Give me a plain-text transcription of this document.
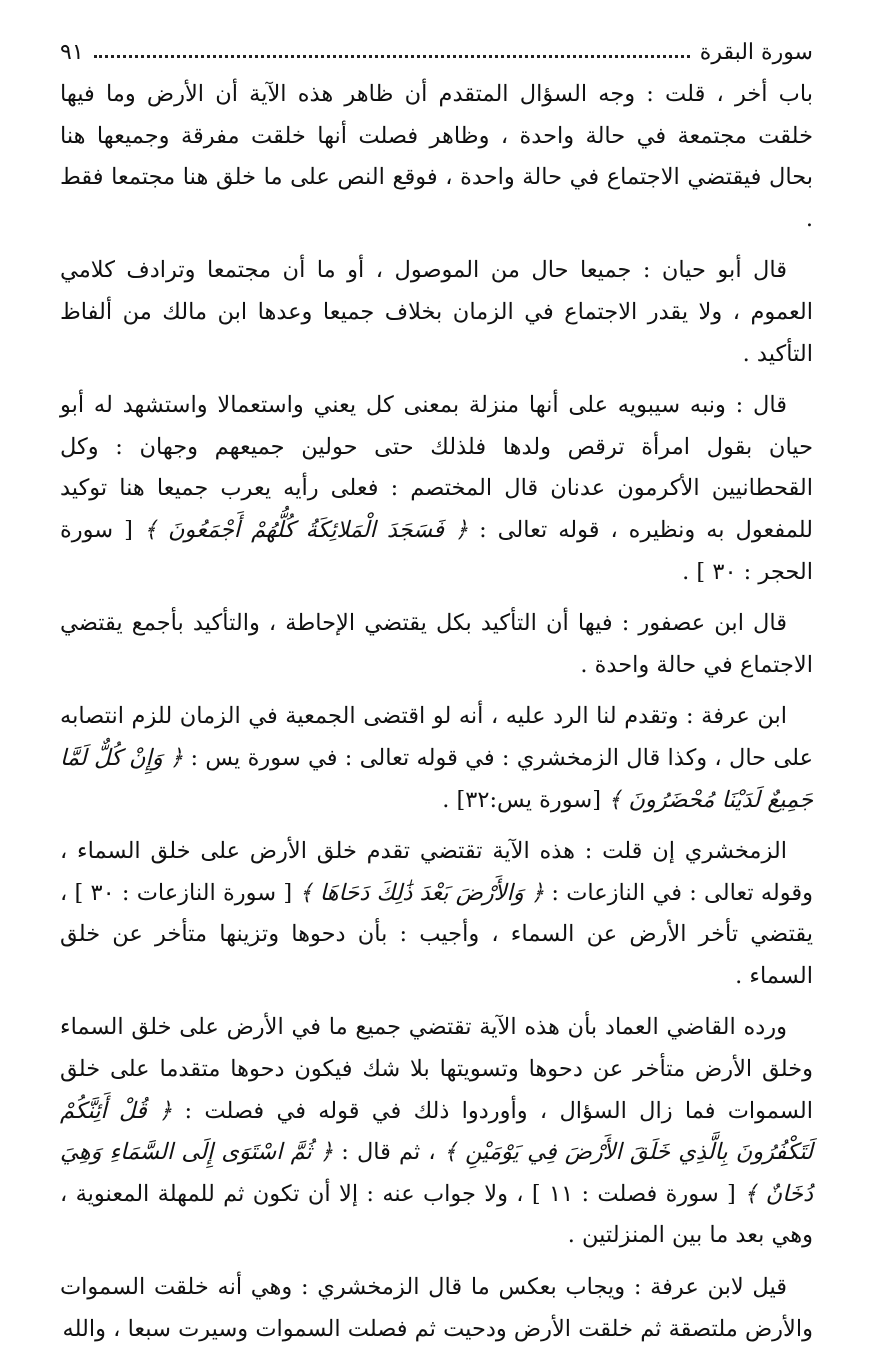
سورة البقرة
٩١

باب أخر ، قلت : وجه السؤال المتقدم أن ظاهر هذه الآية أن الأرض وما فيها خلقت مجتمعة في حالة واحدة ، وظاهر فصلت أنها خلقت مفرقة وجميعها هنا بحال فيقتضي الاجتماع في حالة واحدة ، فوقع النص على ما خلق هنا مجتمعا فقط .

قال أبو حيان : جميعا حال من الموصول ، أو ما أن مجتمعا وترادف كلامي العموم ، ولا يقدر الاجتماع في الزمان بخلاف جميعا وعدها ابن مالك من ألفاظ التأكيد .

قال : ونبه سيبويه على أنها منزلة بمعنى كل يعني واستعمالا واستشهد له أبو حيان بقول امرأة ترقص ولدها فلذلك حتى حولين جميعهم وجهان : وكل القحطانيين الأكرمون عدنان قال المختصم : فعلى رأيه يعرب جميعا هنا توكيد للمفعول به ونظيره ، قوله تعالى : ﴿ فَسَجَدَ الْمَلائِكَةُ كُلُّهُمْ أَجْمَعُونَ ﴾ [ سورة الحجر : ٣٠ ] .

قال ابن عصفور : فيها أن التأكيد بكل يقتضي الإحاطة ، والتأكيد بأجمع يقتضي الاجتماع في حالة واحدة .

ابن عرفة : وتقدم لنا الرد عليه ، أنه لو اقتضى الجمعية في الزمان للزم انتصابه على حال ، وكذا قال الزمخشري : في قوله تعالى : في سورة يس : ﴿ وَإِنْ كُلٌّ لَمَّا جَمِيعٌ لَدَيْنَا مُحْضَرُونَ ﴾ [سورة يس:٣٢] .

الزمخشري إن قلت : هذه الآية تقتضي تقدم خلق الأرض على خلق السماء ، وقوله تعالى : في النازعات : ﴿ وَالأَرْضَ بَعْدَ ذَٰلِكَ دَحَاهَا ﴾ [ سورة النازعات : ٣٠ ] ، يقتضي تأخر الأرض عن السماء ، وأجيب : بأن دحوها وتزينها متأخر عن خلق السماء .

ورده القاضي العماد بأن هذه الآية تقتضي جميع ما في الأرض على خلق السماء وخلق الأرض متأخر عن دحوها وتسويتها بلا شك فيكون دحوها متقدما على خلق السموات فما زال السؤال ، وأوردوا ذلك في قوله في فصلت : ﴿ قُلْ أَئِنَّكُمْ لَتَكْفُرُونَ بِالَّذِي خَلَقَ الأَرْضَ فِي يَوْمَيْنِ ﴾ ، ثم قال : ﴿ ثُمَّ اسْتَوَى إِلَى السَّمَاءِ وَهِيَ دُخَانٌ ﴾ [ سورة فصلت : ١١ ] ، ولا جواب عنه : إلا أن تكون ثم للمهلة المعنوية ، وهي بعد ما بين المنزلتين .

قيل لابن عرفة : ويجاب بعكس ما قال الزمخشري : وهي أنه خلقت السموات والأرض ملتصقة ثم خلقت الأرض ودحيت ثم فصلت السموات وسيرت سبعا ، والله
